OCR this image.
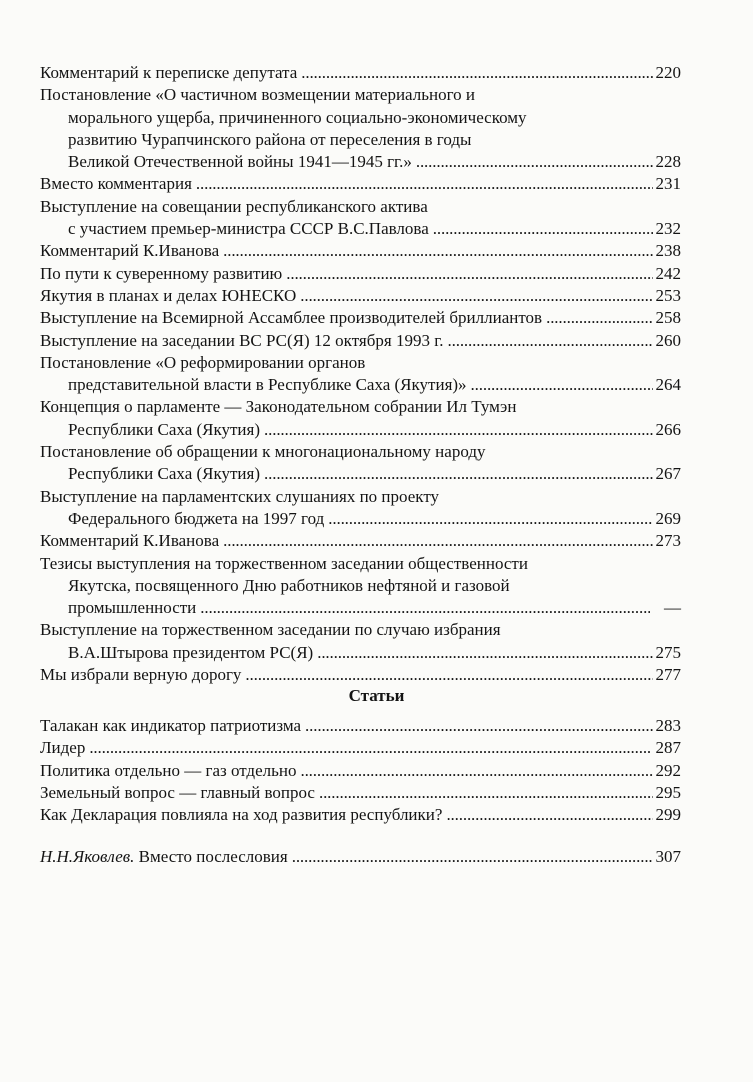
Комментарий к переписке депутата . . .	220
Постановление «О частичном возмещении материального и
морального ущерба, причиненного социально-экономическому
развитию Чурапчинского района от переселения в годы
Великой Отечественной войны 1941—1945 гг.» . . .	228
Вместо комментария . . .	231
Выступление на совещании республиканского актива
с участием премьер-министра СССР В.С.Павлова . . .	232
Комментарий К.Иванова . . .	238
По пути к суверенному развитию . . .	242
Якутия в планах и делах ЮНЕСКО . . .	253
Выступление на Всемирной Ассамблее производителей бриллиантов . . .	258
Выступление на заседании ВС РС(Я) 12 октября 1993 г. . . .	260
Постановление «О реформировании органов
представительной власти в Республике Саха (Якутия)» . . .	264
Концепция о парламенте — Законодательном собрании Ил Тумэн
Республики Саха (Якутия) . . .	266
Постановление об обращении к многонациональному народу
Республики Саха (Якутия) . . .	267
Выступление на парламентских слушаниях по проекту
Федерального бюджета на 1997 год . . .	269
Комментарий К.Иванова . . .	273
Тезисы выступления на торжественном заседании общественности
Якутска, посвященного Дню работников нефтяной и газовой
промышленности . . .	—
Выступление на торжественном заседании по случаю избрания
В.А.Штырова президентом РС(Я) . . .	275
Мы избрали верную дорогу . . .	277
Статьи
Талакан как индикатор патриотизма . . .	283
Лидер . . .	287
Политика отдельно — газ отдельно . . .	292
Земельный вопрос — главный вопрос . . .	295
Как Декларация повлияла на ход развития республики? . . .	299
Н.Н.Яковлев. Вместо послесловия . . .	307
